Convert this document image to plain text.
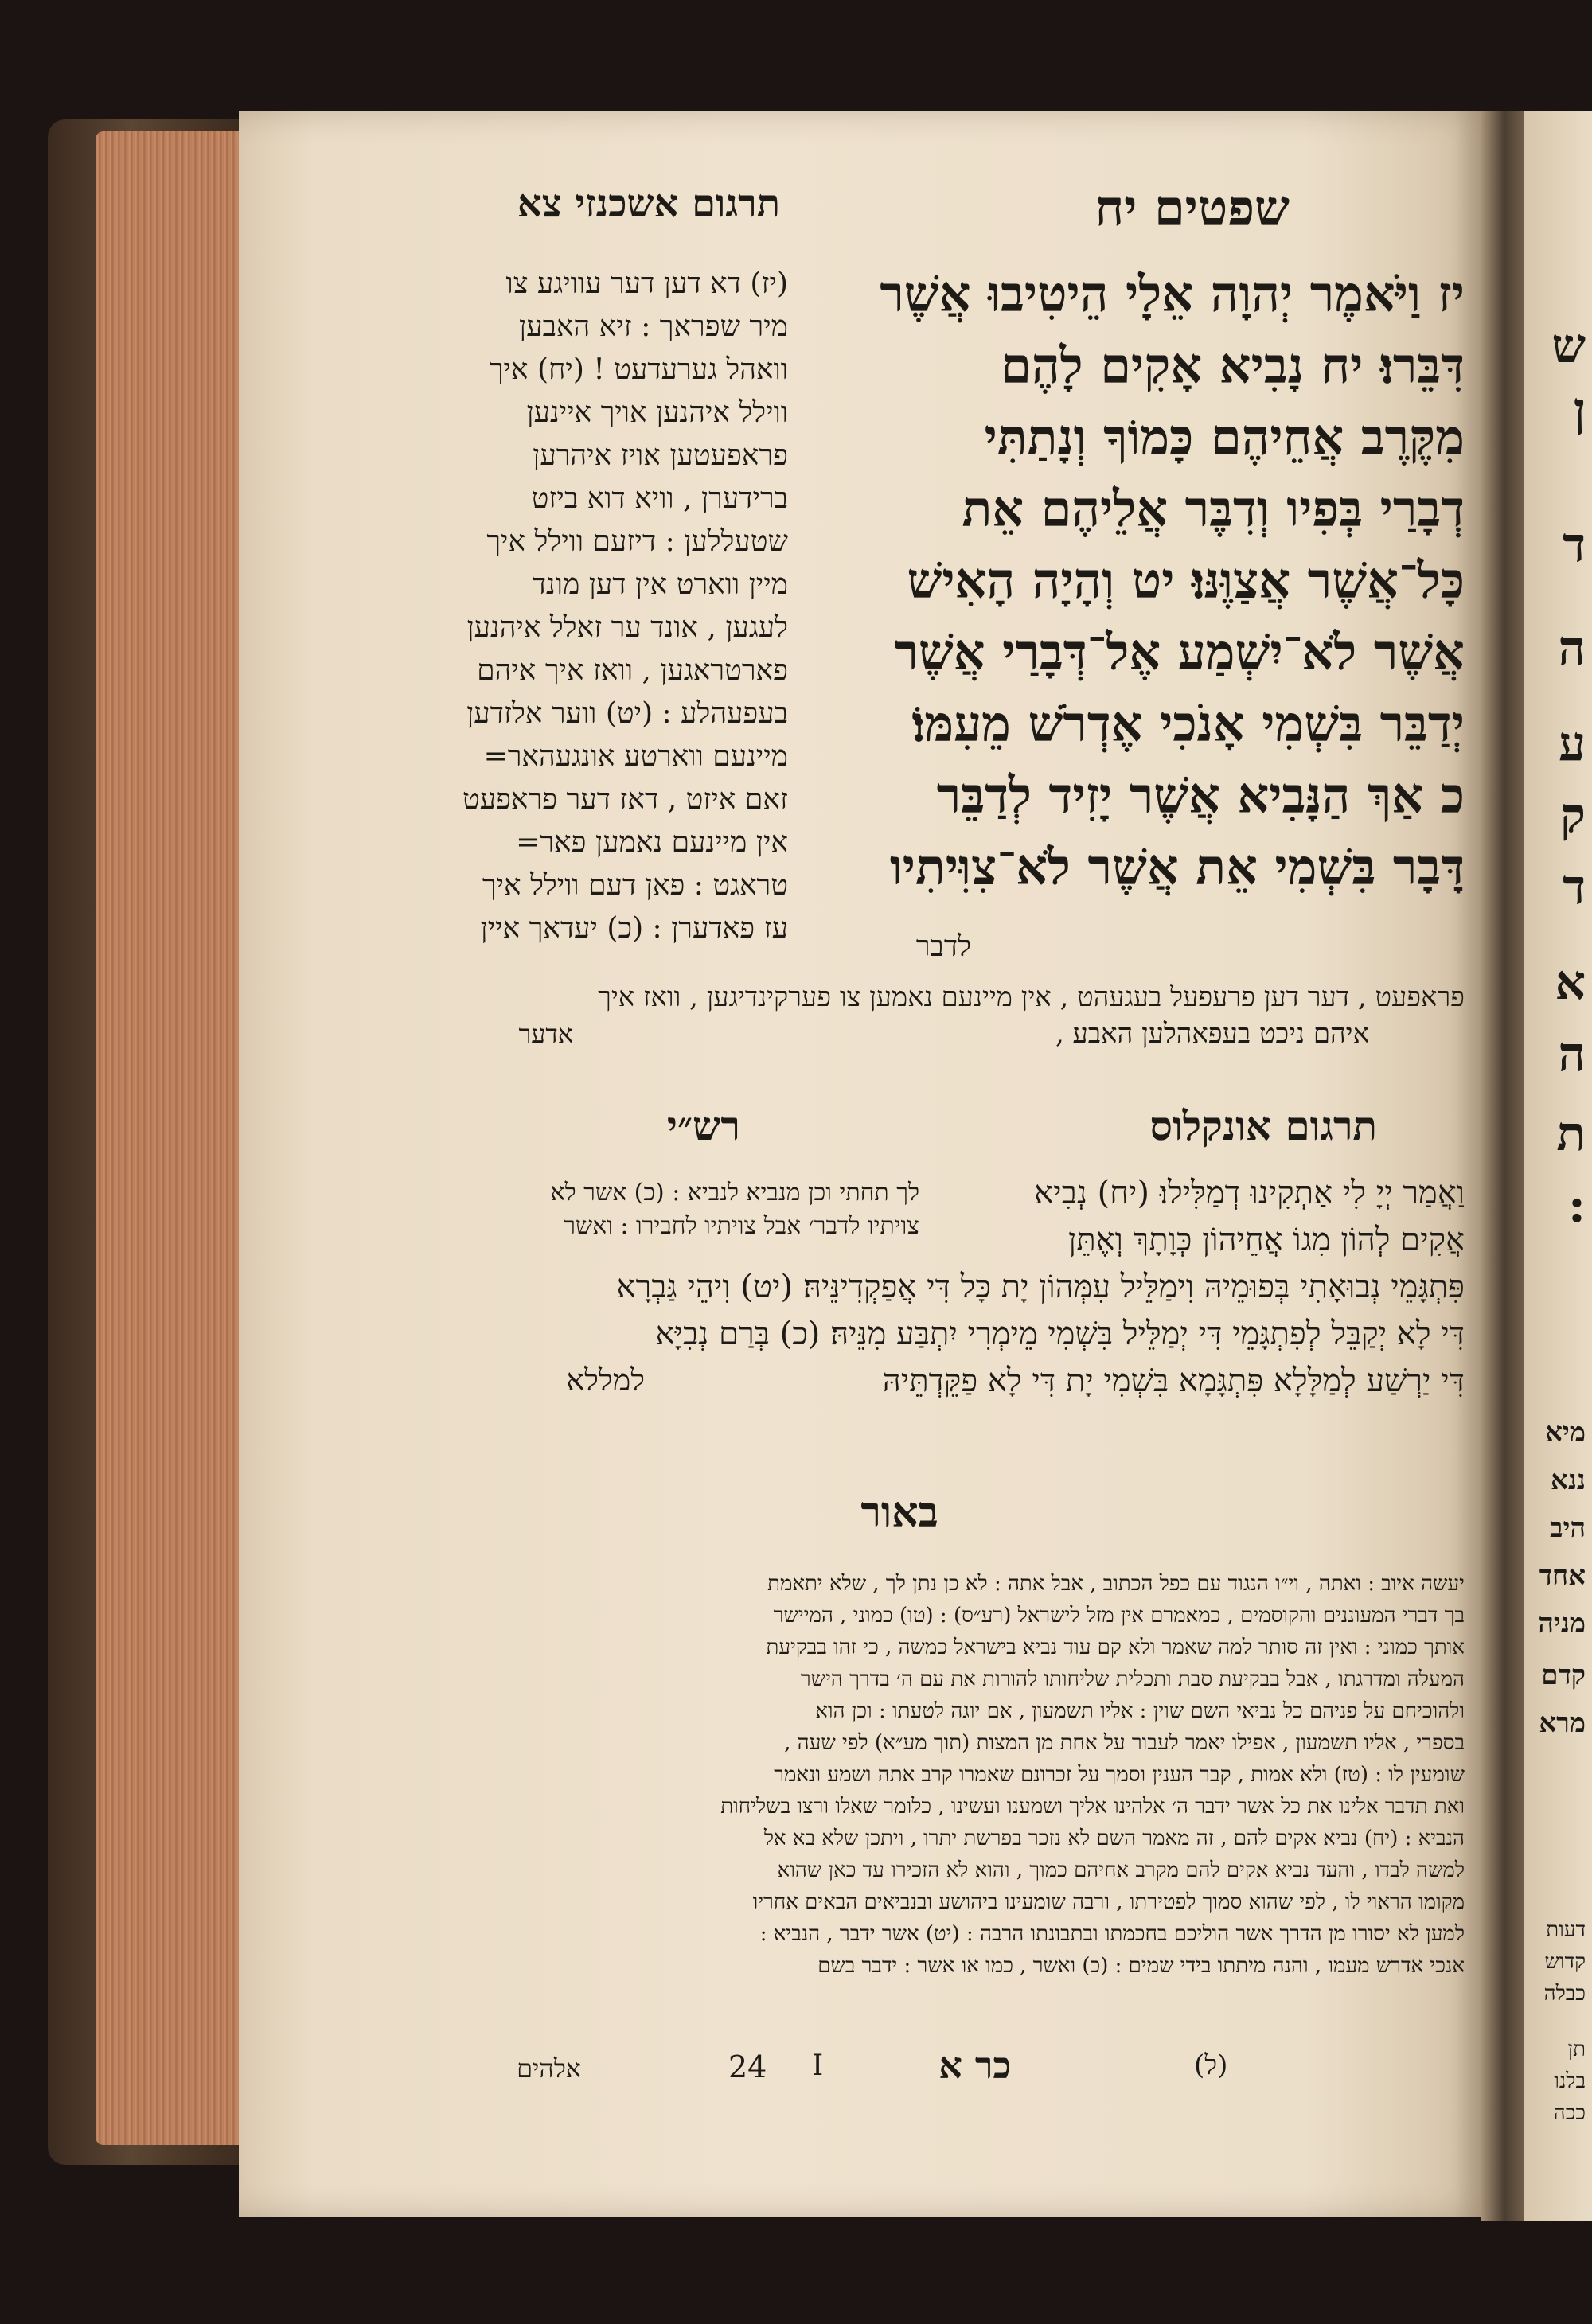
ש
ן
ד
ה
ע
ק
ד
א
ה
ת
:
מיא
ננא
היב
אחד
מניה
קדם
מרא
דעות
קדוש
כבלה
תן
בלנו
ככה
שפטים יח
תרגום אשכנזי צא
יז וַיֹּאמֶר יְהוָה אֵלָי הֵיטִיבוּ אֲשֶׁר
דִּבֵּרוּ׃ יח נָבִיא אָקִים לָהֶם
מִקֶּרֶב אֲחֵיהֶם כָּמוֹךָ וְנָתַתִּי
דְבָרַי בְּפִיו וְדִבֶּר אֲלֵיהֶם אֵת
כָּל־אֲשֶׁר אֲצַוֶּנּוּ׃ יט וְהָיָה הָאִישׁ
אֲשֶׁר לֹא־יִשְׁמַע אֶל־דְּבָרַי אֲשֶׁר
יְדַבֵּר בִּשְׁמִי אָנֹכִי אֶדְרֹשׁ מֵעִמּוֹ׃
כ אַךְ הַנָּבִיא אֲשֶׁר יָזִיד לְדַבֵּר
דָּבָר בִּשְׁמִי אֵת אֲשֶׁר לֹא־צִוִּיתִיו
לדבר
(יז) דא דען דער עוויגע צו
מיר שפראך : זיא האבען
וואהל גערעדעט ! (יח) איך
ווילל איהנען אויך איינען
פראפעטען אויז איהרען
ברידערן , וויא דוא ביזט
שטעללען : דיזעם ווילל איך
מיין ווארט אין דען מונד
לעגען , אונד ער זאלל איהנען
פארטראגען , וואז איך איהם
בעפעהלע : (יט) ווער אלזדען
מיינעם ווארטע אונגעהאר=
זאם איזט , דאז דער פראפעט
אין מיינעם נאמען פאר=
טראגט : פאן דעם ווילל איך
עז פאדערן : (כ) יעדאך איין
פראפעט , דער דען פרעפעל בעגעהט , אין מיינעם נאמען צו פערקינדיגען , וואז איך
איהם ניכט בעפאהלען האבע ,
אדער
תרגום אונקלוס
וַאֲמַר יְיָ לִי אַתְקִינוּ דְמַלִּילוּ׃ (יח) נְבִיא
אֲקִים לְהוֹן מִגוֹ אֲחֵיהוֹן כְּוָתָךְ וְאֶתֵּן
פִּתְגָּמֵי נְבוּאָתִי בְּפוּמֵיהּ וִימַלֵּיל עִמְּהוֹן יָת כָּל דִּי אֲפַקְדִינֵּיהּ׃ (יט) וִיהֵי גַּבְרָא
דִּי לָא יְקַבֵּל לְפִתְגָּמֵי דִּי יְמַלֵּיל בִּשְׁמִי מֵימְרִי יִתְבַּע מִנֵּיהּ׃ (כ) בְּרַם נְבִיָּא
דִּי יַרְשַׁע לְמַלָּלָא פִּתְגָּמָא בִּשְׁמִי יָת דִּי לָא פַקֵּדְתֵּיהּ
למללא
רש״י
לך תחתי וכן מנביא לנביא : (כ) אשר לא
צויתיו לדבר׳ אבל צויתיו לחבירו : ואשר
באור
יעשה איוב : ואתה , וי״ו הנגוד עם כפל הכתוב , אבל אתה : לא כן נתן לך , שלא יתאמת
בך דברי המעוננים והקוסמים , כמאמרם אין מזל לישראל (רע״ס) : (טו) כמוני , המיישר
אותך כמוני : ואין זה סותר למה שאמר ולא קם עוד נביא בישראל כמשה , כי זהו בבקיעת
המעלה ומדרגתו , אבל בבקיעת סבת ותכלית שליחותו להורות את עם ה׳ בדרך הישר
ולהוכיחם על פניהם כל נביאי השם שוין : אליו תשמעון , אם יוגה לטעתו : וכן הוא
בספרי , אליו תשמעון , אפילו יאמר לעבור על אחת מן המצות (תוך מע״א) לפי שעה ,
שומעין לו : (טז) ולא אמות , קבר הענין וסמך על זכרונם שאמרו קרב אתה ושמע ונאמר
ואת תדבר אלינו את כל אשר ידבר ה׳ אלהינו אליך ושמענו ועשינו , כלומר שאלו ורצו בשליחות
הנביא : (יח) נביא אקים להם , זה מאמר השם לא נזכר בפרשת יתרו , ויתכן שלא בא אל
למשה לבדו , והעד נביא אקים להם מקרב אחיהם כמוך , והוא לא הזכירו עד כאן שהוא
מקומו הראוי לו , לפי שהוא סמוך לפטירתו , ורבה שומעינו ביהושע ובנביאים הבאים אחריו
למען לא יסורו מן הדרך אשר הוליכם בחכמתו ובתבונתו הרבה : (יט) אשר ידבר , הנביא :
אנכי אדרש מעמו , והנה מיתתו בידי שמים : (כ) ואשר , כמו או אשר : ידבר בשם
אלהים	24	I	כר א	(ל)
